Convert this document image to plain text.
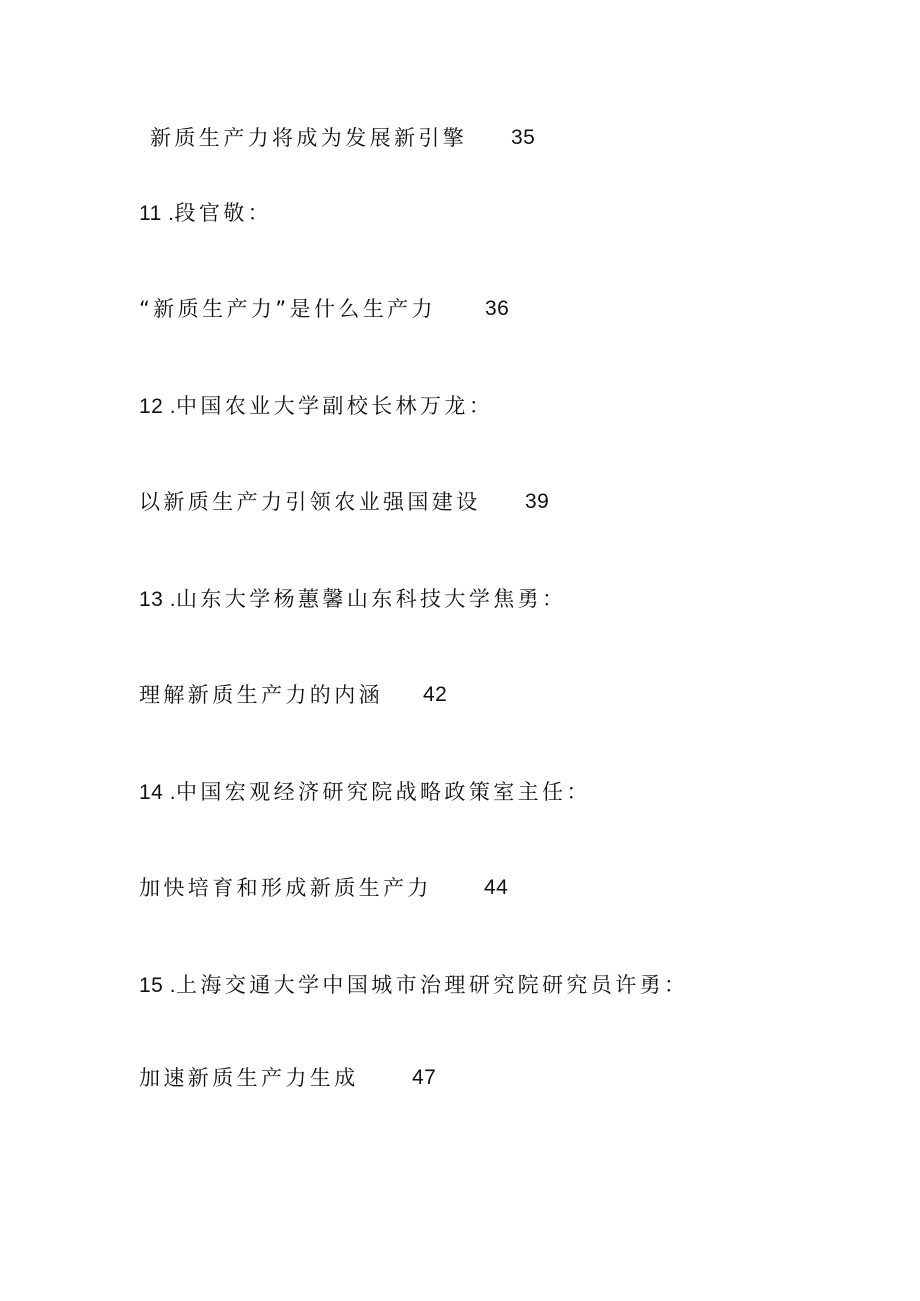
新质生产力将成为发展新引擎 35
11 .段官敬：
“新质生产力”是什么生产力 36
12 .中国农业大学副校长林万龙：
以新质生产力引领农业强国建设 39
13 .山东大学杨蕙馨山东科技大学焦勇：
理解新质生产力的内涵 42
14 .中国宏观经济研究院战略政策室主任：
加快培育和形成新质生产力 44
15 .上海交通大学中国城市治理研究院研究员许勇：
加速新质生产力生成	47
